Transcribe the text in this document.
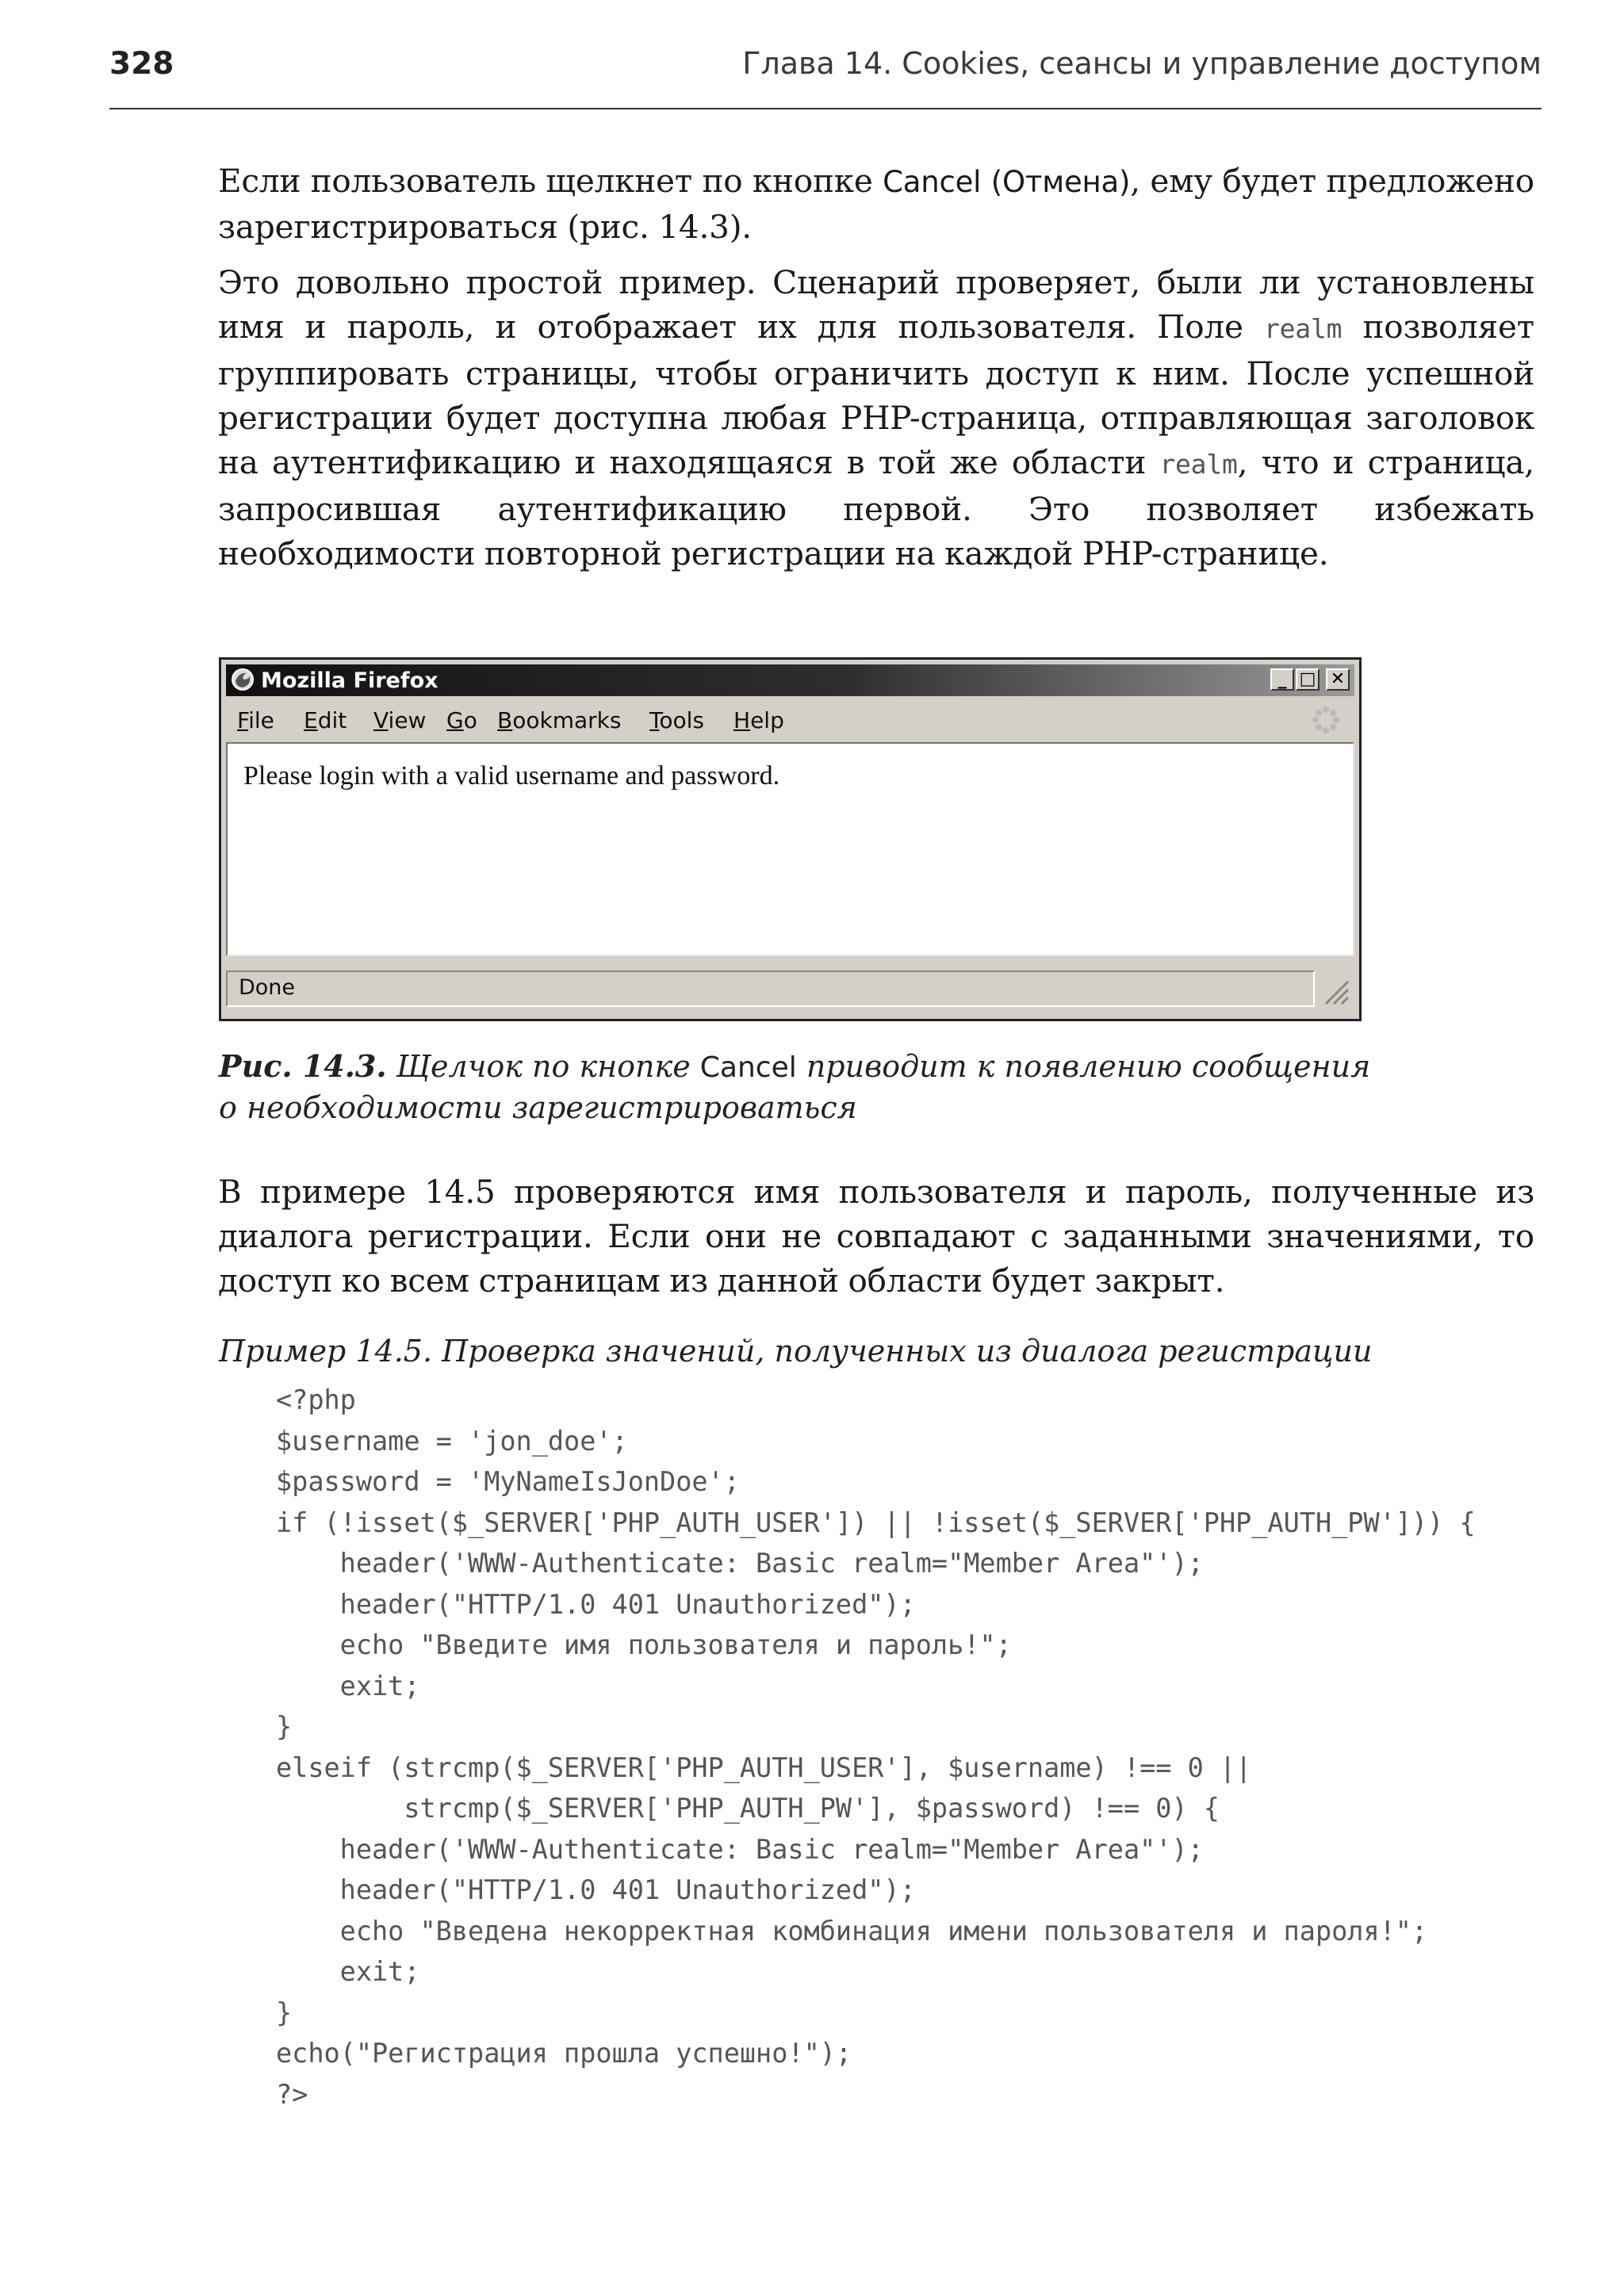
328	Глава 14. Cookies, сеансы и управление доступом

Если пользователь щелкнет по кнопке Cancel (Отмена), ему будет предложено зарегистрироваться (рис. 14.3).

Это довольно простой пример. Сценарий проверяет, были ли установлены имя и пароль, и отображает их для пользователя. Поле realm позволяет группировать страницы, чтобы ограничить доступ к ним. После успешной регистрации будет доступна любая PHP-страница, отправляющая заголовок на аутентификацию и находящаяся в той же области realm, что и страница, запросившая аутентификацию первой. Это позволяет избежать необходимости повторной регистрации на каждой PHP-странице.

Mozilla Firefox	_ □ ✕
File Edit View Go Bookmarks Tools Help
Please login with a valid username and password.
Done
Рис. 14.3. Щелчок по кнопке Cancel приводит к появлению сообщения
о необходимости зарегистрироваться

В примере 14.5 проверяются имя пользователя и пароль, полученные из диалога регистрации. Если они не совпадают с заданными значениями, то доступ ко всем страницам из данной области будет закрыт.

Пример 14.5. Проверка значений, полученных из диалога регистрации
<?php
$username = 'jon_doe';
$password = 'MyNameIsJonDoe';
if (!isset($_SERVER['PHP_AUTH_USER']) || !isset($_SERVER['PHP_AUTH_PW'])) {
header('WWW-Authenticate: Basic realm="Member Area"');
header("HTTP/1.0 401 Unauthorized");
echo "Введите имя пользователя и пароль!";
exit;
}
elseif (strcmp($_SERVER['PHP_AUTH_USER'], $username) !== 0 ||
strcmp($_SERVER['PHP_AUTH_PW'], $password) !== 0) {
header('WWW-Authenticate: Basic realm="Member Area"');
header("HTTP/1.0 401 Unauthorized");
echo "Введена некорректная комбинация имени пользователя и пароля!";
exit;
}
echo("Регистрация прошла успешно!");
?>
